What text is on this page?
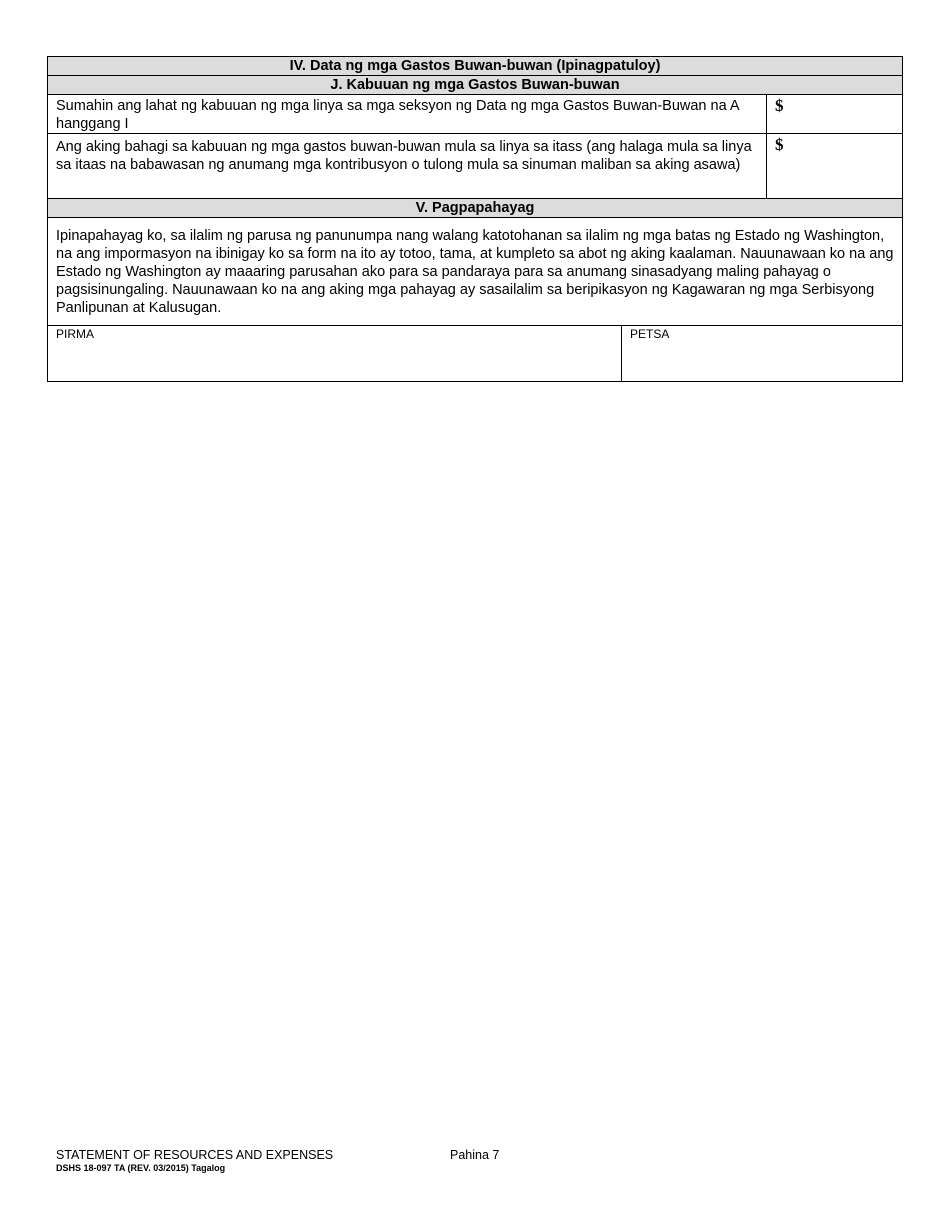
IV. Data ng mga Gastos Buwan-buwan (Ipinagpatuloy)
J. Kabuuan ng mga Gastos Buwan-buwan
Sumahin ang lahat ng kabuuan ng mga linya sa mga seksyon ng Data ng mga Gastos Buwan-Buwan na A hanggang I
$
Ang aking bahagi sa kabuuan ng mga gastos buwan-buwan mula sa linya sa itass (ang halaga mula sa linya sa itaas na babawasan ng anumang mga kontribusyon o tulong mula sa sinuman maliban sa aking asawa)
$
V. Pagpapahayag
Ipinapahayag ko, sa ilalim ng parusa ng panunumpa nang walang katotohanan sa ilalim ng mga batas ng Estado ng Washington, na ang impormasyon na ibinigay ko sa form na ito ay totoo, tama, at kumpleto sa abot ng aking kaalaman. Nauunawaan ko na ang Estado ng Washington ay maaaring parusahan ako para sa pandaraya para sa anumang sinasadyang maling pahayag o pagsisinungaling. Nauunawaan ko na ang aking mga pahayag ay sasailalim sa beripikasyon ng Kagawaran ng mga Serbisyong Panlipunan at Kalusugan.
PIRMA	PETSA
STATEMENT OF RESOURCES AND EXPENSES	Pahina 7
DSHS 18-097 TA (REV. 03/2015) Tagalog
